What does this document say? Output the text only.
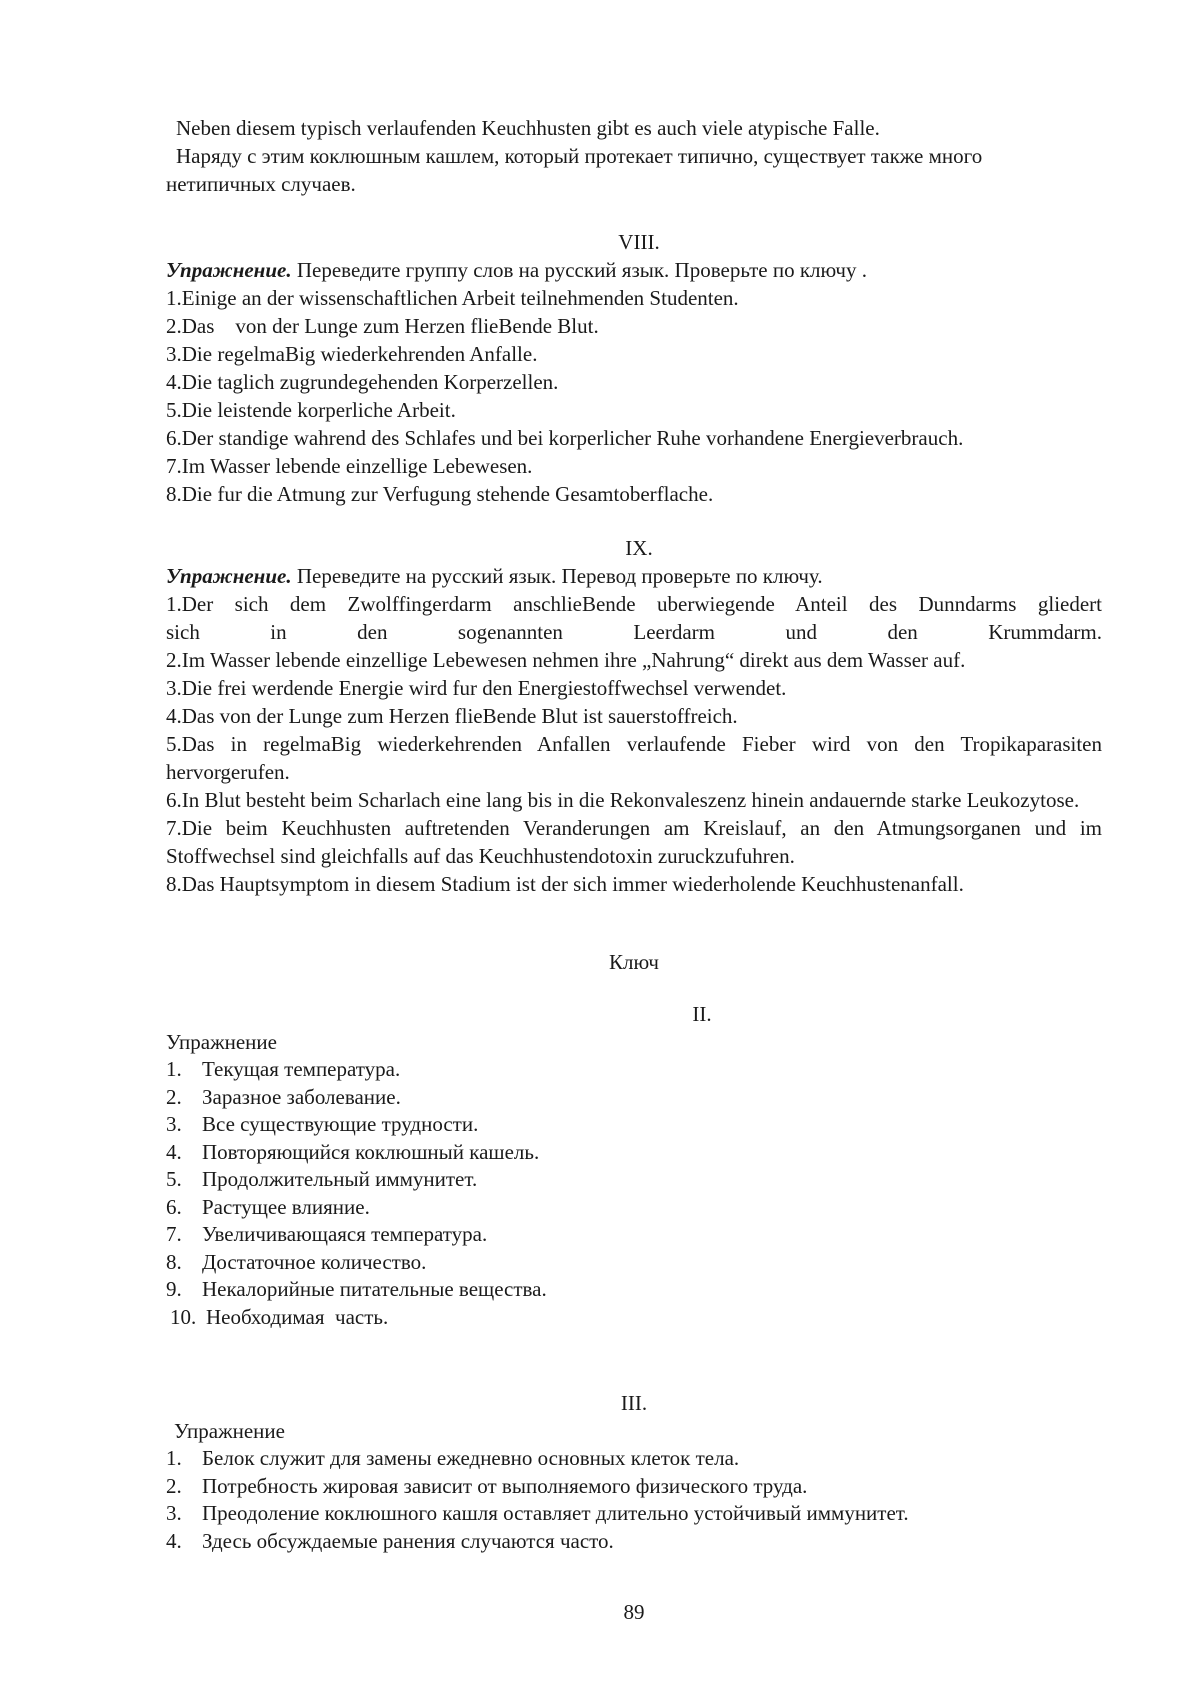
Neben diesem typisch verlaufenden Keuchhusten gibt es auch viele atypische Falle.
Наряду с этим коклюшным кашлем, который протекает типично, существует также много
нетипичных случаев.
VIII.
Упражнение. Переведите группу слов на русский язык. Проверьте по ключу .
1.Einige an der wissenschaftlichen Arbeit teilnehmenden Studenten.
2.Das    von der Lunge zum Herzen flieBende Blut.
3.Die regelmaBig wiederkehrenden Anfalle.
4.Die taglich zugrundegehenden Korperzellen.
5.Die leistende korperliche Arbeit.
6.Der standige wahrend des Schlafes und bei korperlicher Ruhe vorhandene Energieverbrauch.
7.Im Wasser lebende einzellige Lebewesen.
8.Die fur die Atmung zur Verfugung stehende Gesamtoberflache.
IX.
Упражнение. Переведите на русский язык. Перевод проверьте по ключу.
1.Der sich dem Zwolffingerdarm anschlieBende uberwiegende Anteil des Dunndarms gliedert
sich in den sogenannten Leerdarm und den Krummdarm.
2.Im Wasser lebende einzellige Lebewesen nehmen ihre „Nahrung“ direkt aus dem Wasser auf.
3.Die frei werdende Energie wird fur den Energiestoffwechsel verwendet.
4.Das von der Lunge zum Herzen flieBende Blut ist sauerstoffreich.
5.Das in regelmaBig wiederkehrenden Anfallen verlaufende Fieber wird von den Tropikaparasiten hervorgerufen.
6.In Blut besteht beim Scharlach eine lang bis in die Rekonvaleszenz hinein andauernde starke Leukozytose.
7.Die beim Keuchhusten auftretenden Veranderungen am Kreislauf, an den Atmungsorganen und im Stoffwechsel sind gleichfalls auf das Keuchhustendotoxin zuruckzufuhren.
8.Das Hauptsymptom in diesem Stadium ist der sich immer wiederholende Keuchhustenanfall.
Ключ
II.
Упражнение
1. Текущая температура.
2. Заразное заболевание.
3. Все существующие трудности.
4. Повторяющийся коклюшный кашель.
5. Продолжительный иммунитет.
6. Растущее влияние.
7. Увеличивающаяся температура.
8. Достаточное количество.
9. Некалорийные питательные вещества.
10. Необходимая  часть.
III.
Упражнение
1. Белок служит для замены ежедневно основных клеток тела.
2. Потребность жировая зависит от выполняемого физического труда.
3. Преодоление коклюшного кашля оставляет длительно устойчивый иммунитет.
4. Здесь обсуждаемые ранения случаются часто.
89
